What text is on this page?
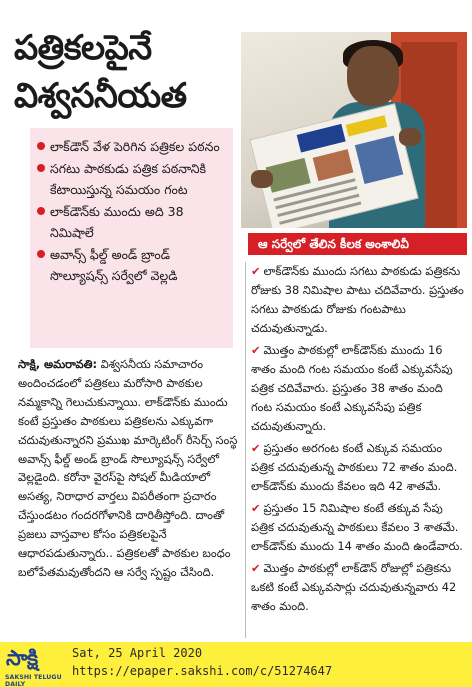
పత్రికలపైనే
విశ్వసనీయత
లాక్‌డౌన్‌ వేళ పెరిగిన పత్రికల పఠనం
సగటు పాఠకుడు పత్రిక పఠనానికి కేటాయిస్తున్న సమయం గంట
లాక్‌డౌన్‌కు ముందు అది 38 నిమిషాలే
అవాన్స్‌ ఫీల్డ్‌ అండ్‌ బ్రాండ్‌ సొల్యూషన్స్‌ సర్వేలో వెల్లడి
ఆ సర్వేలో తేలిన కీలక అంశాలివీ
✔ లాక్‌డౌన్‌కు ముందు సగటు పాఠకుడు పత్రికను రోజుకు 38 నిమిషాల పాటు చదివేవారు. ప్రస్తుతం సగటు పాఠకుడు రోజుకు గంటపాటు చదువుతున్నాడు.
✔ మొత్తం పాఠకుల్లో లాక్‌డౌన్‌కు ముందు 16 శాతం మంది గంట సమయం కంటే ఎక్కువసేపు పత్రిక చదివేవారు. ప్రస్తుతం 38 శాతం మంది గంట సమయం కంటే ఎక్కువసేపు పత్రిక చదువుతున్నారు.
✔ ప్రస్తుతం అరగంట కంటే ఎక్కువ సమయం పత్రిక చదువుతున్న పాఠకులు 72 శాతం మంది. లాక్‌డౌన్‌కు ముందు కేవలం ఇది 42 శాతమే.
✔ ప్రస్తుతం 15 నిమిషాల కంటే తక్కువ సేపు పత్రిక చదువుతున్న పాఠకులు కేవలం 3 శాతమే. లాక్‌డౌన్‌కు ముందు 14 శాతం మంది ఉండేవారు.
✔ మొత్తం పాఠకుల్లో లాక్‌డౌన్‌ రోజుల్లో పత్రికను ఒకటి కంటే ఎక్కువసార్లు చదువుతున్నవారు 42 శాతం మంది.
సాక్షి, అమరావతి: విశ్వసనీయ సమాచారం అందించడంలో పత్రికలు మరోసారి పాఠకుల నమ్మకాన్ని గెలుచుకున్నాయి. లాక్‌డౌన్‌కు ముందు కంటే ప్రస్తుతం పాఠకులు పత్రికలను ఎక్కువగా చదువుతున్నారని ప్రముఖ మార్కెటింగ్‌ రీసెర్చ్‌ సంస్థ అవాన్స్‌ ఫీల్డ్‌ అండ్‌ బ్రాండ్‌ సొల్యూషన్స్‌ సర్వేలో వెల్లడైంది. కరోనా వైరస్‌పై సోషల్‌ మీడియాలో అసత్య, నిరాధార వార్తలు విపరీతంగా ప్రచారం చేస్తుండటం గందరగోళానికి దారితీస్తోంది. దాంతో ప్రజలు వాస్తవాల కోసం పత్రికలపైనే ఆధారపడుతున్నారు.. పత్రికలతో పాఠకుల బంధం బలోపేతమవుతోందని ఆ సర్వే స్పష్టం చేసింది.
సాక్షి
SAKSHI TELUGU DAILY
Sat, 25 April 2020
https://epaper.sakshi.com/c/51274647
